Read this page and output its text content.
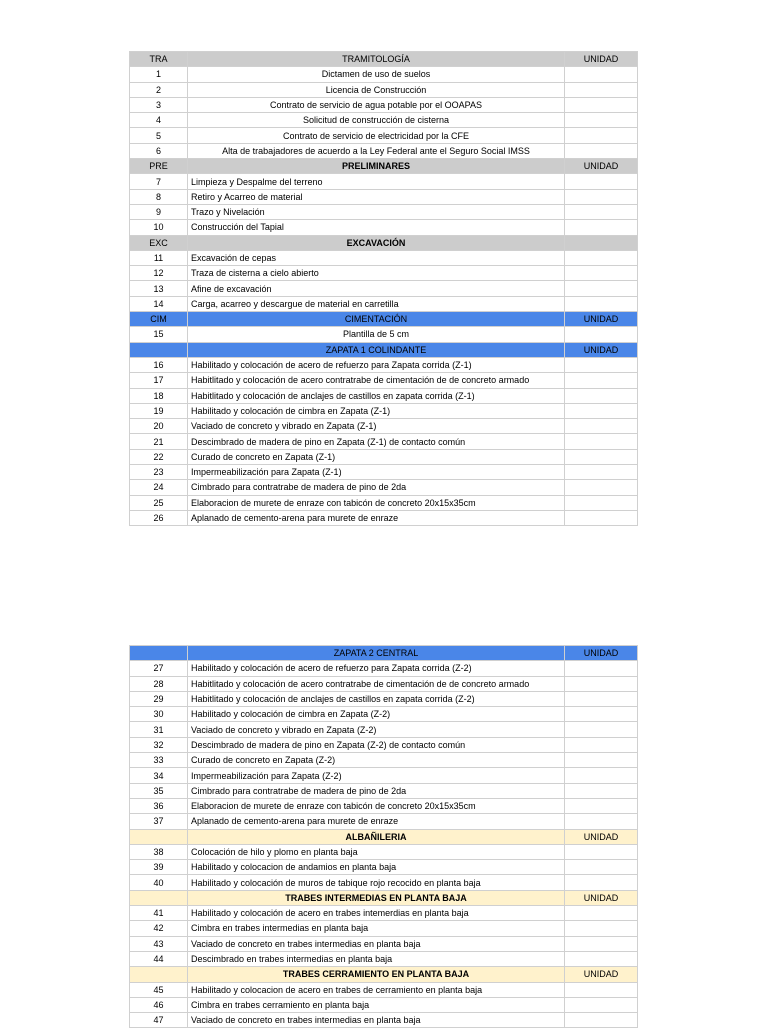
TRA	TRAMITOLOGÍA	UNIDAD
1	Dictamen de uso de suelos	
2	Licencia de Construcción	
3	Contrato de servicio de agua potable por el OOAPAS	
4	Solicitud de construcción de cisterna	
5	Contrato de servicio de electricidad por la CFE	
6	Alta de trabajadores de acuerdo a la Ley Federal ante el Seguro Social IMSS	
PRE	PRELIMINARES	UNIDAD
7	Limpieza y Despalme del terreno	
8	Retiro y Acarreo de material	
9	Trazo y Nivelación	
10	Construcción del Tapial	
EXC	EXCAVACIÓN	
11	Excavación de cepas	
12	Traza de cisterna a cielo abierto	
13	Afine de excavación	
14	Carga, acarreo y descargue de material en carretilla	
CIM	CIMENTACIÓN	UNIDAD
15	Plantilla de 5 cm	
	ZAPATA 1 COLINDANTE	UNIDAD
16	Habilitado y colocación de acero de refuerzo para Zapata corrida (Z-1)	
17	Habitlitado y colocación de acero contratrabe de cimentación de de concreto armado	
18	Habitlitado y colocación de anclajes de castillos en zapata corrida (Z-1)	
19	Habilitado y colocación de cimbra en Zapata (Z-1)	
20	Vaciado de concreto y vibrado en Zapata (Z-1)	
21	Descimbrado de madera de pino en Zapata (Z-1) de contacto común	
22	Curado de concreto en Zapata (Z-1)	
23	Impermeabilización para Zapata (Z-1)	
24	Cimbrado para contratrabe de madera de pino de 2da	
25	Elaboracion de murete de enraze con tabicón de concreto 20x15x35cm	
26	Aplanado de cemento-arena para murete de enraze	
	ZAPATA 2 CENTRAL	UNIDAD
27	Habilitado y colocación de acero de refuerzo para Zapata corrida (Z-2)	
28	Habitlitado y colocación de acero contratrabe de cimentación de de concreto armado	
29	Habitlitado y colocación de anclajes de castillos en zapata corrida (Z-2)	
30	Habilitado y colocación de cimbra en Zapata (Z-2)	
31	Vaciado de concreto y vibrado en Zapata (Z-2)	
32	Descimbrado de madera de pino en Zapata (Z-2) de contacto común	
33	Curado de concreto en Zapata (Z-2)	
34	Impermeabilización para Zapata (Z-2)	
35	Cimbrado para contratrabe de madera de pino de 2da	
36	Elaboracion de murete de enraze con tabicón de concreto 20x15x35cm	
37	Aplanado de cemento-arena para murete de enraze	
	ALBAÑILERIA	UNIDAD
38	Colocación de hilo y plomo en planta baja	
39	Habilitado y colocacion de andamios en planta baja	
40	Habilitado y colocación de muros de tabique rojo recocido en planta baja	
	TRABES INTERMEDIAS EN PLANTA BAJA	UNIDAD
41	Habilitado y colocación de acero en trabes intemerdias en planta baja	
42	Cimbra en trabes intermedias en planta baja	
43	Vaciado de concreto en trabes intermedias en planta baja	
44	Descimbrado en trabes intermedias en planta baja	
	TRABES CERRAMIENTO EN PLANTA BAJA	UNIDAD
45	Habilitado y colocacion de acero en trabes de cerramiento en planta baja	
46	Cimbra en trabes cerramiento en planta baja	
47	Vaciado de concreto en trabes intermedias en planta baja	
